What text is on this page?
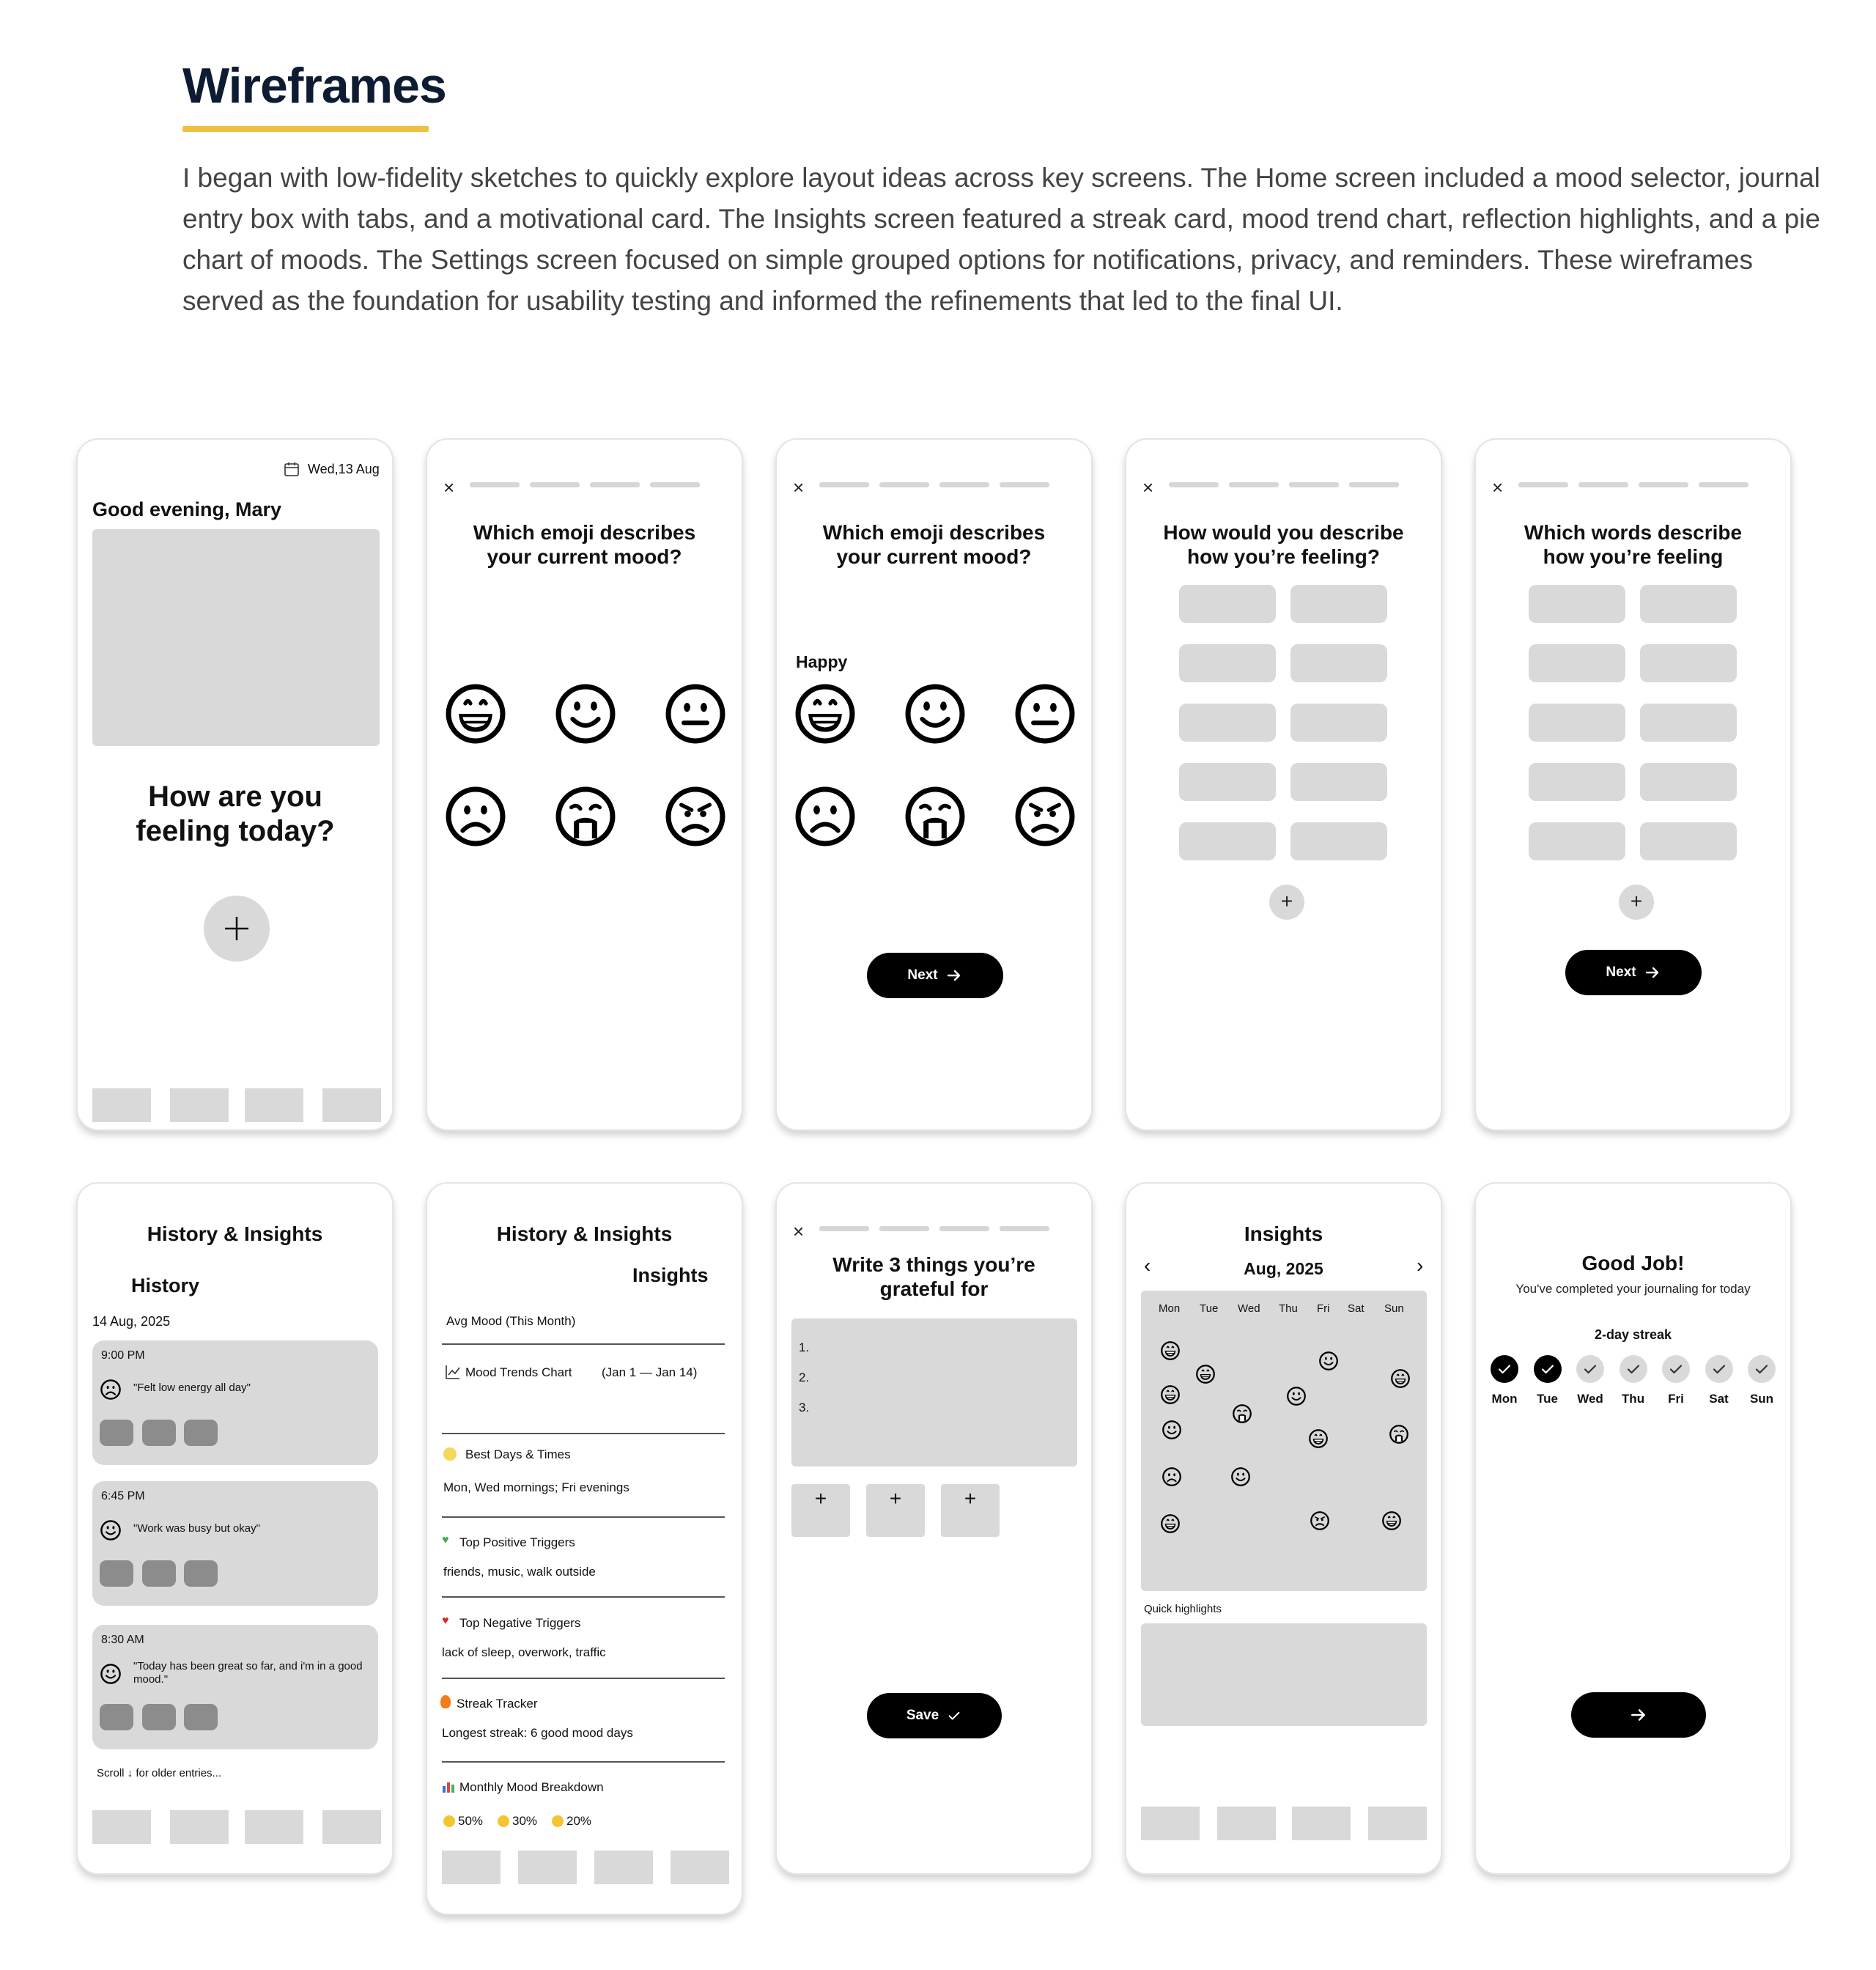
Wireframes
I began with low-fidelity sketches to quickly explore layout ideas across key screens. The Home screen included a mood selector, journal entry box with tabs, and a motivational card. The Insights screen featured a streak card, mood trend chart, reflection highlights, and a pie chart of moods. The Settings screen focused on simple grouped options for notifications, privacy, and reminders. These wireframes served as the foundation for usability testing and informed the refinements that led to the final UI.
Wed,13 Aug
Good evening, Mary
How are you feeling today?
×
Which emoji describes your current mood?
×
Which emoji describes your current mood?
Happy
Next
×
How would you describe how you’re feeling?
+
×
Which words describe how you’re feeling
+
Next
History & Insights
History
14 Aug, 2025
9:00 PM
"Felt low energy all day"
6:45 PM
"Work was busy but okay"
8:30 AM
"Today has been great so far, and i'm in a good mood."
Scroll ↓ for older entries...
History & Insights
Insights
Avg Mood (This Month)
Mood Trends Chart (Jan 1 — Jan 14)
Best Days & Times
Mon, Wed mornings; Fri evenings
♥ Top Positive Triggers
friends, music, walk outside
♥ Top Negative Triggers
lack of sleep, overwork, traffic
Streak Tracker
Longest streak: 6 good mood days
Monthly Mood Breakdown
50% 30% 20%
×
Write 3 things you’re grateful for
1.
2.
3.
+	+	+
Save
Insights
‹	Aug, 2025	›
Mon Tue Wed Thu Fri Sat Sun
Quick highlights
Good Job!
You've completed your journaling for today
2-day streak
Mon	Tue	Wed	Thu	Fri	Sat	Sun
